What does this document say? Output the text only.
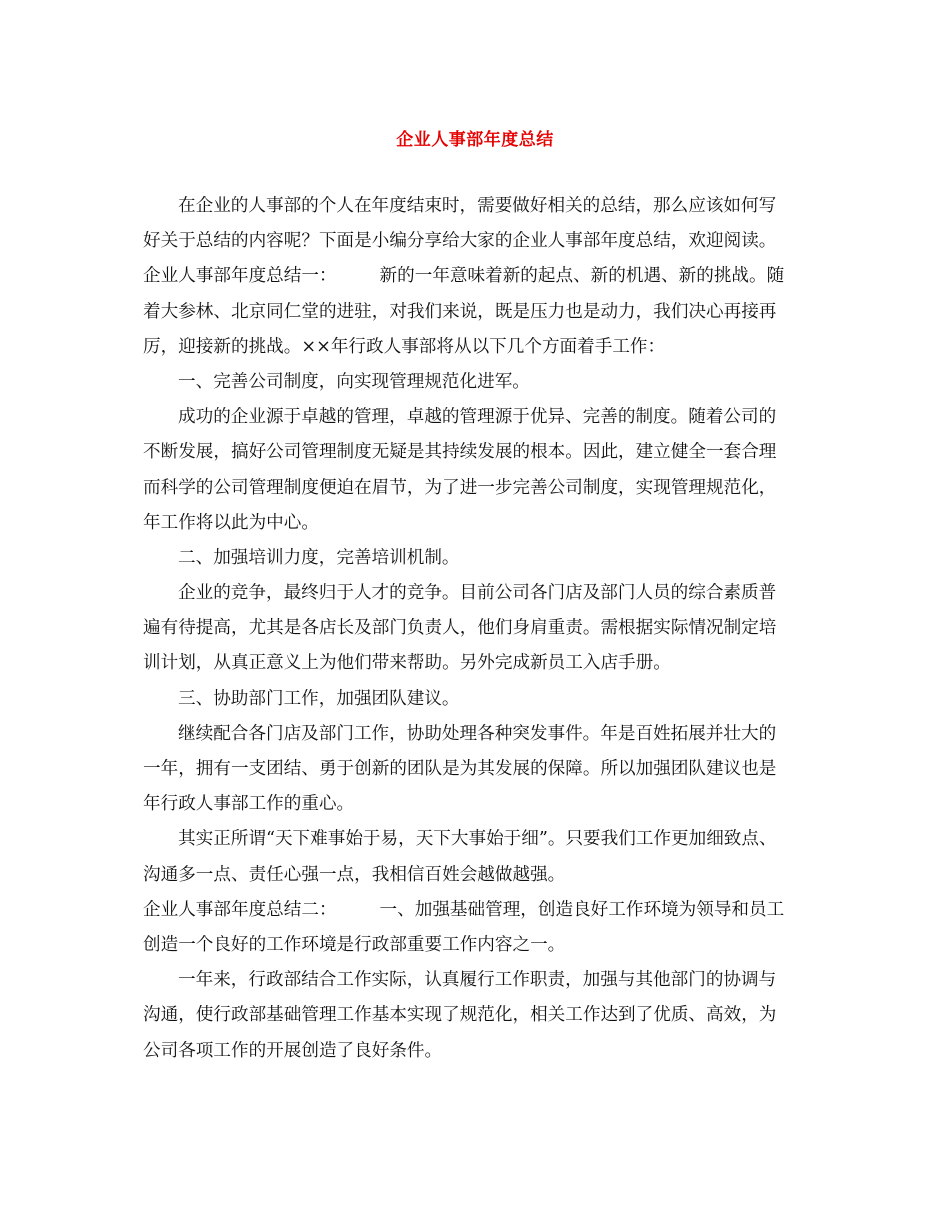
企业人事部年度总结
在企业的人事部的个人在年度结束时，需要做好相关的总结，那么应该如何写
好关于总结的内容呢？下面是小编分享给大家的企业人事部年度总结，欢迎阅读。
企业人事部年度总结一： 新的一年意味着新的起点、新的机遇、新的挑战。随
着大参林、北京同仁堂的进驻，对我们来说，既是压力也是动力，我们决心再接再
厉，迎接新的挑战。××年行政人事部将从以下几个方面着手工作：
一、完善公司制度，向实现管理规范化进军。
成功的企业源于卓越的管理，卓越的管理源于优异、完善的制度。随着公司的
不断发展，搞好公司管理制度无疑是其持续发展的根本。因此，建立健全一套合理
而科学的公司管理制度便迫在眉节，为了进一步完善公司制度，实现管理规范化，
年工作将以此为中心。
二、加强培训力度，完善培训机制。
企业的竞争，最终归于人才的竞争。目前公司各门店及部门人员的综合素质普
遍有待提高，尤其是各店长及部门负责人，他们身肩重责。需根据实际情况制定培
训计划，从真正意义上为他们带来帮助。另外完成新员工入店手册。
三、协助部门工作，加强团队建议。
继续配合各门店及部门工作，协助处理各种突发事件。年是百姓拓展并壮大的
一年，拥有一支团结、勇于创新的团队是为其发展的保障。所以加强团队建议也是
年行政人事部工作的重心。
其实正所谓“天下难事始于易，天下大事始于细”。只要我们工作更加细致点、
沟通多一点、责任心强一点，我相信百姓会越做越强。
企业人事部年度总结二： 一、加强基础管理，创造良好工作环境为领导和员工
创造一个良好的工作环境是行政部重要工作内容之一。
一年来，行政部结合工作实际，认真履行工作职责，加强与其他部门的协调与
沟通，使行政部基础管理工作基本实现了规范化，相关工作达到了优质、高效，为
公司各项工作的开展创造了良好条件。
